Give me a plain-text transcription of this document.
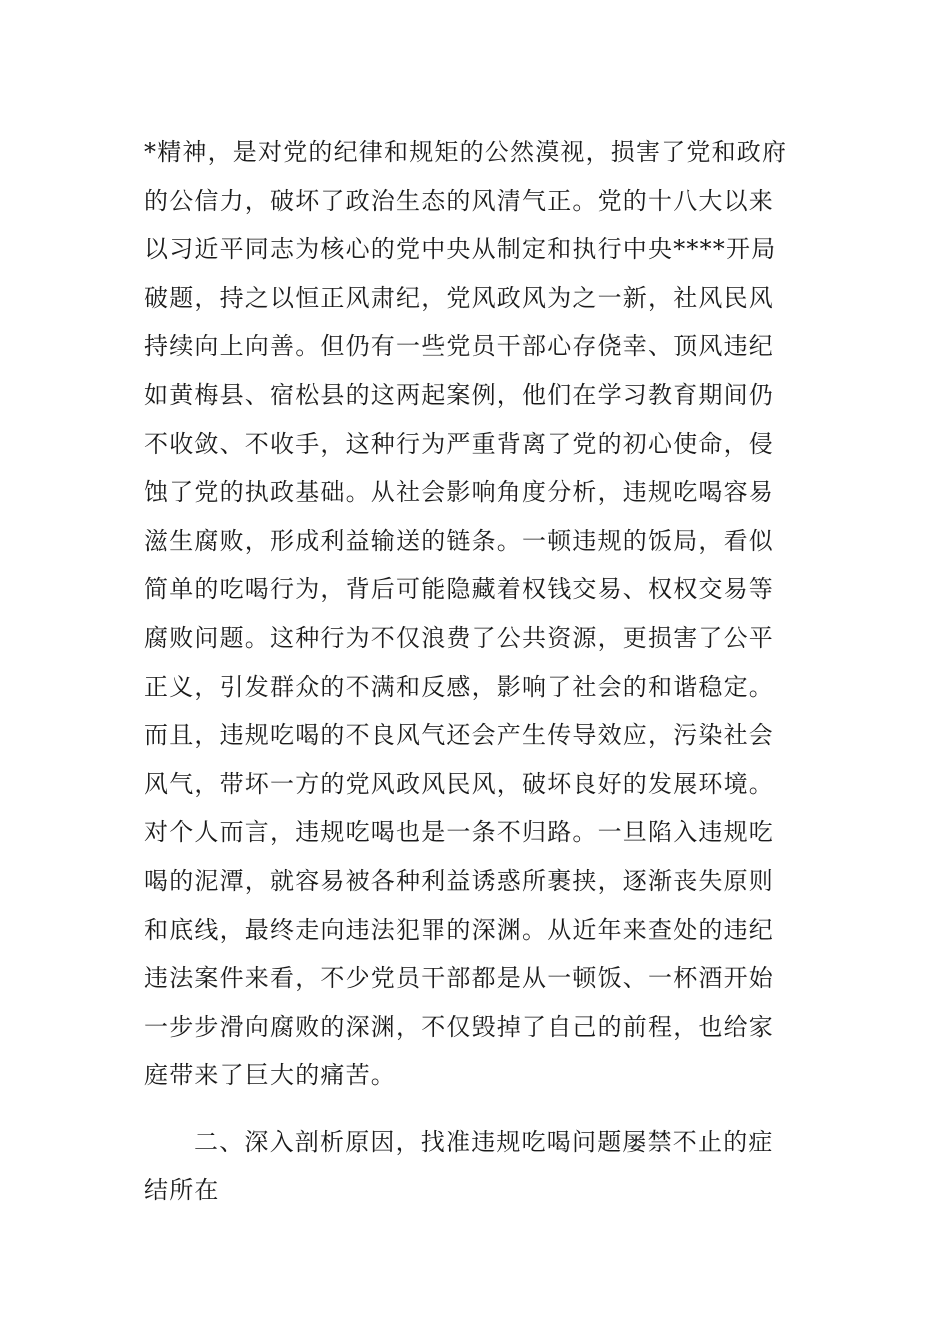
*精神，是对党的纪律和规矩的公然漠视，损害了党和政府
的公信力，破坏了政治生态的风清气正。党的十八大以来
以习近平同志为核心的党中央从制定和执行中央****开局
破题，持之以恒正风肃纪，党风政风为之一新，社风民风
持续向上向善。但仍有一些党员干部心存侥幸、顶风违纪
如黄梅县、宿松县的这两起案例，他们在学习教育期间仍
不收敛、不收手，这种行为严重背离了党的初心使命，侵
蚀了党的执政基础。从社会影响角度分析，违规吃喝容易
滋生腐败，形成利益输送的链条。一顿违规的饭局，看似
简单的吃喝行为，背后可能隐藏着权钱交易、权权交易等
腐败问题。这种行为不仅浪费了公共资源，更损害了公平
正义，引发群众的不满和反感，影响了社会的和谐稳定。
而且，违规吃喝的不良风气还会产生传导效应，污染社会
风气，带坏一方的党风政风民风，破坏良好的发展环境。
对个人而言，违规吃喝也是一条不归路。一旦陷入违规吃
喝的泥潭，就容易被各种利益诱惑所裹挟，逐渐丧失原则
和底线，最终走向违法犯罪的深渊。从近年来查处的违纪
违法案件来看，不少党员干部都是从一顿饭、一杯酒开始
一步步滑向腐败的深渊，不仅毁掉了自己的前程，也给家
庭带来了巨大的痛苦。
二、深入剖析原因，找准违规吃喝问题屡禁不止的症
结所在
